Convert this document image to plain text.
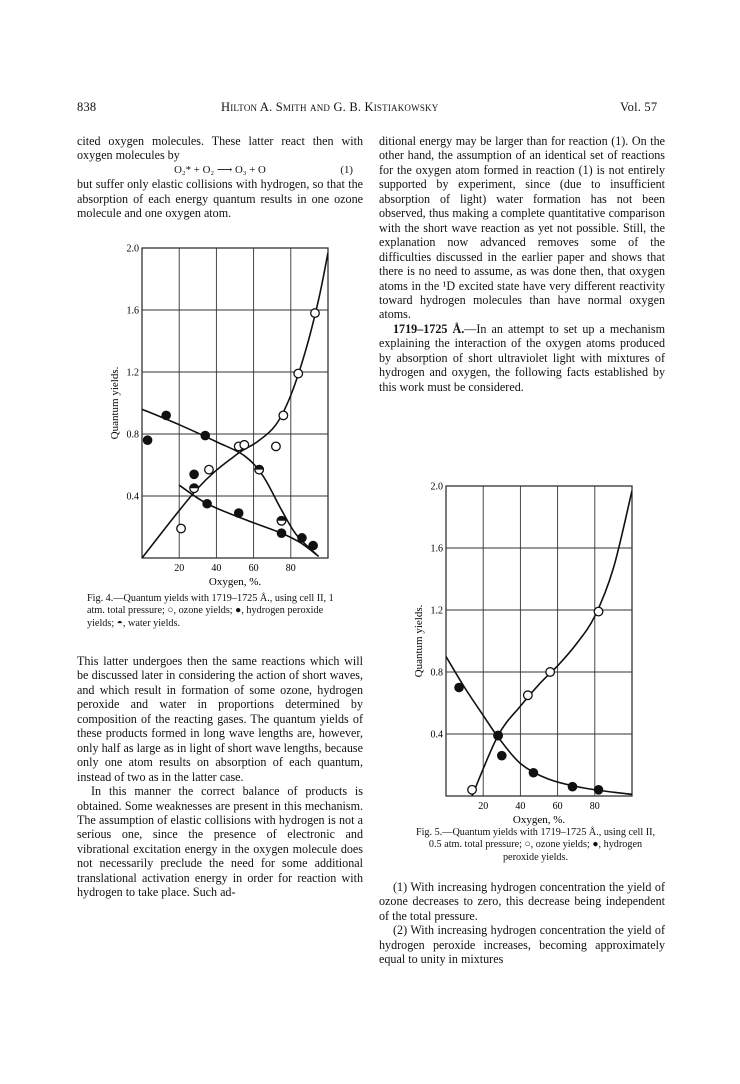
838	Hilton A. Smith and G. B. Kistiakowsky	Vol. 57

cited oxygen molecules. These latter react then with oxygen molecules by

O₂* + O₂ ⟶ O₃ + O	(1)

but suffer only elastic collisions with hydrogen, so that the absorption of each energy quantum results in one ozone molecule and one oxygen atom.

20	40	60	80
0.4
0.8
1.2
1.6
2.0
Oxygen, %.
Quantum yields.
Fig. 4.—Quantum yields with 1719–1725 Å., using cell II, 1 atm. total pressure; ○, ozone yields; ●, hydrogen peroxide yields; ◓, water yields.

This latter undergoes then the same reactions which will be discussed later in considering the action of short waves, and which result in formation of some ozone, hydrogen peroxide and water in proportions determined by composition of the reacting gases. The quantum yields of these products formed in long wave lengths are, however, only half as large as in light of short wave lengths, because only one atom results on absorption of each quantum, instead of two as in the latter case.

In this manner the correct balance of products is obtained. Some weaknesses are present in this mechanism. The assumption of elastic collisions with hydrogen is not a serious one, since the presence of electronic and vibrational excitation energy in the oxygen molecule does not necessarily preclude the need for some additional translational activation energy in order for reaction with hydrogen to take place. Such ad-

ditional energy may be larger than for reaction (1). On the other hand, the assumption of an identical set of reactions for the oxygen atom formed in reaction (1) is not entirely supported by experiment, since (due to insufficient absorption of light) water formation has not been observed, thus making a complete quantitative comparison with the short wave reaction as yet not possible. Still, the explanation now advanced removes some of the difficulties discussed in the earlier paper and shows that there is no need to assume, as was done then, that oxygen atoms in the ¹D excited state have very different reactivity toward hydrogen molecules than have normal oxygen atoms.

1719–1725 Å.—In an attempt to set up a mechanism explaining the interaction of the oxygen atoms produced by absorption of short ultraviolet light with mixtures of hydrogen and oxygen, the following facts established by this work must be considered.

20	40	60	80
0.4
0.8
1.2
1.6
2.0
Oxygen, %.
Quantum yields.
Fig. 5.—Quantum yields with 1719–1725 Å., using cell II, 0.5 atm. total pressure; ○, ozone yields; ●, hydrogen peroxide yields.

(1) With increasing hydrogen concentration the yield of ozone decreases to zero, this decrease being independent of the total pressure.

(2) With increasing hydrogen concentration the yield of hydrogen peroxide increases, becoming approximately equal to unity in mixtures
